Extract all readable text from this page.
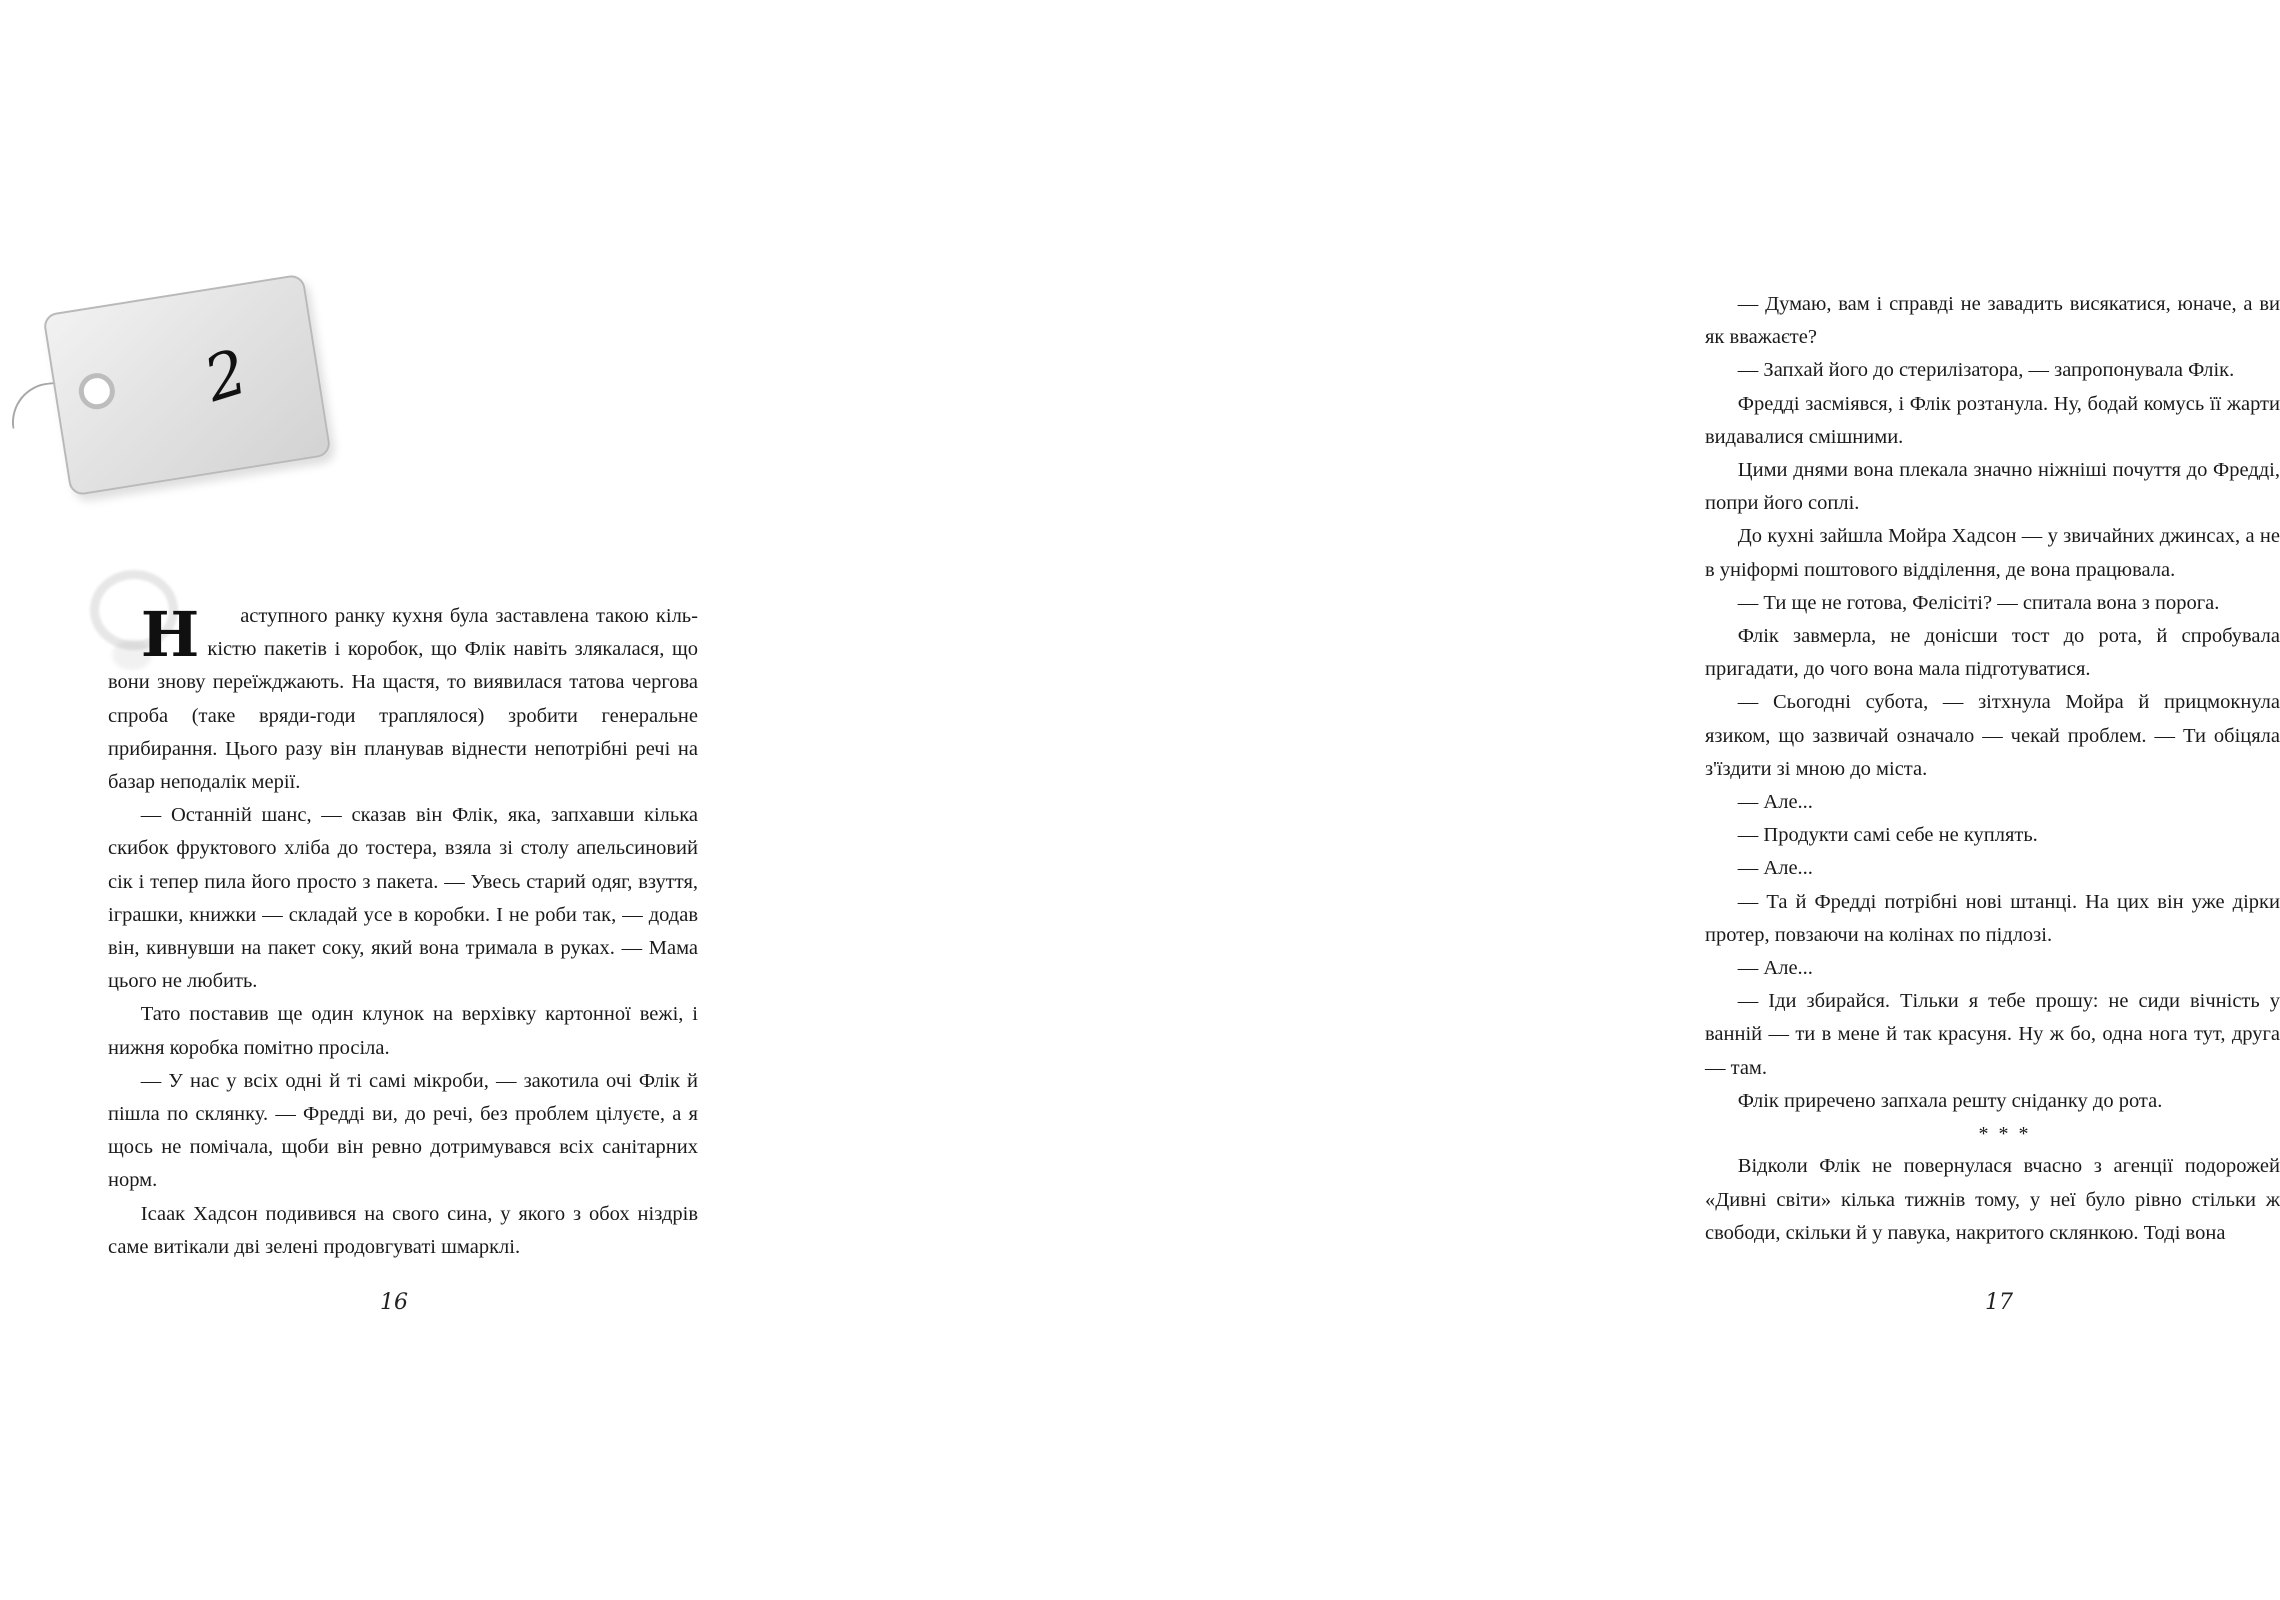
2

Н	аступного ранку кухня була заставлена такою кількістю пакетів і коробок, що Флік навіть злякалася, що вони знову переїжджають. На щастя, то виявилася татова чергова спроба (таке вряди-годи траплялося) зробити генеральне прибирання. Цього разу він планував віднести непотрібні речі на базар неподалік мерії.

— Останній шанс, — сказав він Флік, яка, запхавши кілька скибок фруктового хліба до тостера, взяла зі столу апельсиновий сік і тепер пила його просто з пакета. — Увесь старий одяг, взуття, іграшки, книжки — складай усе в коробки. І не роби так, — додав він, кивнувши на пакет соку, який вона тримала в руках. — Мама цього не любить.

Тато поставив ще один клунок на верхівку картонної вежі, і нижня коробка помітно просіла.

— У нас у всіх одні й ті самі мікроби, — закотила очі Флік й пішла по склянку. — Фредді ви, до речі, без проблем цілуєте, а я щось не помічала, щоби він ревно дотримувався всіх санітарних норм.

Ісаак Хадсон подивився на свого сина, у якого з обох ніздрів саме витікали дві зелені продовгуваті шмарклі.

16

— Думаю, вам і справді не завадить висякатися, юначе, а ви як вважаєте?

— Запхай його до стерилізатора, — запропонувала Флік.

Фредді засміявся, і Флік розтанула. Ну, бодай комусь її жарти видавалися смішними.

Цими днями вона плекала значно ніжніші почуття до Фредді, попри його соплі.

До кухні зайшла Мойра Хадсон — у звичайних джинсах, а не в уніформі поштового відділення, де вона працювала.

— Ти ще не готова, Фелісіті? — спитала вона з порога.

Флік завмерла, не донісши тост до рота, й спробувала пригадати, до чого вона мала підготуватися.

— Сьогодні субота, — зітхнула Мойра й прицмокнула язиком, що зазвичай означало — чекай проблем. — Ти обіцяла з'їздити зі мною до міста.

— Але...

— Продукти самі себе не куплять.

— Але...

— Та й Фредді потрібні нові штанці. На цих він уже дірки протер, повзаючи на колінах по підлозі.

— Але...

— Іди збирайся. Тільки я тебе прошу: не сиди вічність у ванній — ти в мене й так красуня. Ну ж бо, одна нога тут, друга — там.

Флік приречено запхала решту сніданку до рота.

***

Відколи Флік не повернулася вчасно з агенції подорожей «Дивні світи» кілька тижнів тому, у неї було рівно стільки ж свободи, скільки й у павука, накритого склянкою. Тоді вона

17
